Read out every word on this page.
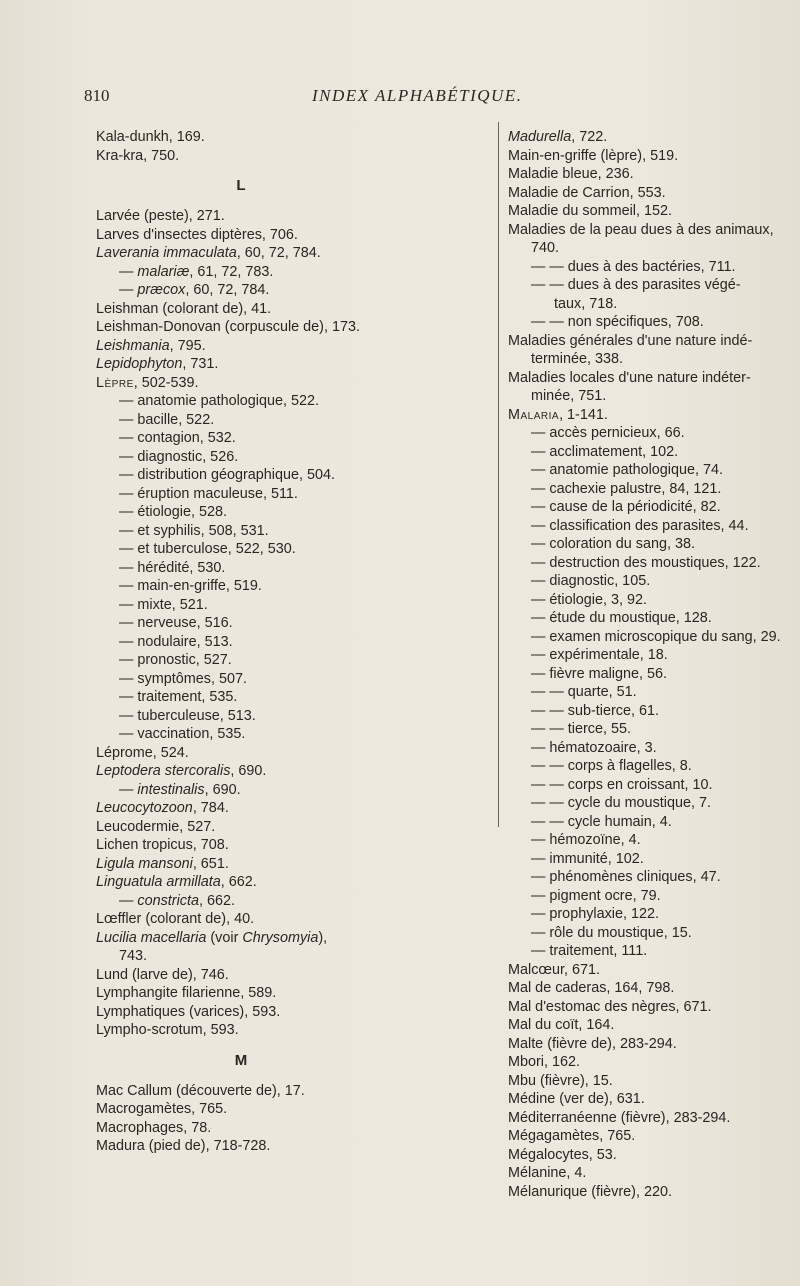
810	INDEX ALPHABÉTIQUE.
Kala-dunkh, 169.
Kra-kra, 750.
L
Larvée (peste), 271.
Larves d'insectes diptères, 706.
Laverania immaculata, 60, 72, 784.
— malariæ, 61, 72, 783.
— præcox, 60, 72, 784.
Leishman (colorant de), 41.
Leishman-Donovan (corpuscule de), 173.
Leishmania, 795.
Lepidophyton, 731.
Lèpre, 502-539.
— anatomie pathologique, 522.
— bacille, 522.
— contagion, 532.
— diagnostic, 526.
— distribution géographique, 504.
— éruption maculeuse, 511.
— étiologie, 528.
— et syphilis, 508, 531.
— et tuberculose, 522, 530.
— hérédité, 530.
— main-en-griffe, 519.
— mixte, 521.
— nerveuse, 516.
— nodulaire, 513.
— pronostic, 527.
— symptômes, 507.
— traitement, 535.
— tuberculeuse, 513.
— vaccination, 535.
Léprome, 524.
Leptodera stercoralis, 690.
— intestinalis, 690.
Leucocytozoon, 784.
Leucodermie, 527.
Lichen tropicus, 708.
Ligula mansoni, 651.
Linguatula armillata, 662.
— constricta, 662.
Lœffler (colorant de), 40.
Lucilia macellaria (voir Chrysomyia),
743.
Lund (larve de), 746.
Lymphangite filarienne, 589.
Lymphatiques (varices), 593.
Lympho-scrotum, 593.
M
Mac Callum (découverte de), 17.
Macrogamètes, 765.
Macrophages, 78.
Madura (pied de), 718-728.
Madurella, 722.
Main-en-griffe (lèpre), 519.
Maladie bleue, 236.
Maladie de Carrion, 553.
Maladie du sommeil, 152.
Maladies de la peau dues à des animaux,
740.
— — dues à des bactéries, 711.
— — dues à des parasites végé-
taux, 718.
— — non spécifiques, 708.
Maladies générales d'une nature indé-
terminée, 338.
Maladies locales d'une nature indéter-
minée, 751.
Malaria, 1-141.
— accès pernicieux, 66.
— acclimatement, 102.
— anatomie pathologique, 74.
— cachexie palustre, 84, 121.
— cause de la périodicité, 82.
— classification des parasites, 44.
— coloration du sang, 38.
— destruction des moustiques, 122.
— diagnostic, 105.
— étiologie, 3, 92.
— étude du moustique, 128.
— examen microscopique du sang, 29.
— expérimentale, 18.
— fièvre maligne, 56.
— — quarte, 51.
— — sub-tierce, 61.
— — tierce, 55.
— hématozoaire, 3.
— — corps à flagelles, 8.
— — corps en croissant, 10.
— — cycle du moustique, 7.
— — cycle humain, 4.
— hémozoïne, 4.
— immunité, 102.
— phénomènes cliniques, 47.
— pigment ocre, 79.
— prophylaxie, 122.
— rôle du moustique, 15.
— traitement, 111.
Malcœur, 671.
Mal de caderas, 164, 798.
Mal d'estomac des nègres, 671.
Mal du coït, 164.
Malte (fièvre de), 283-294.
Mbori, 162.
Mbu (fièvre), 15.
Médine (ver de), 631.
Méditerranéenne (fièvre), 283-294.
Mégagamètes, 765.
Mégalocytes, 53.
Mélanine, 4.
Mélanurique (fièvre), 220.
